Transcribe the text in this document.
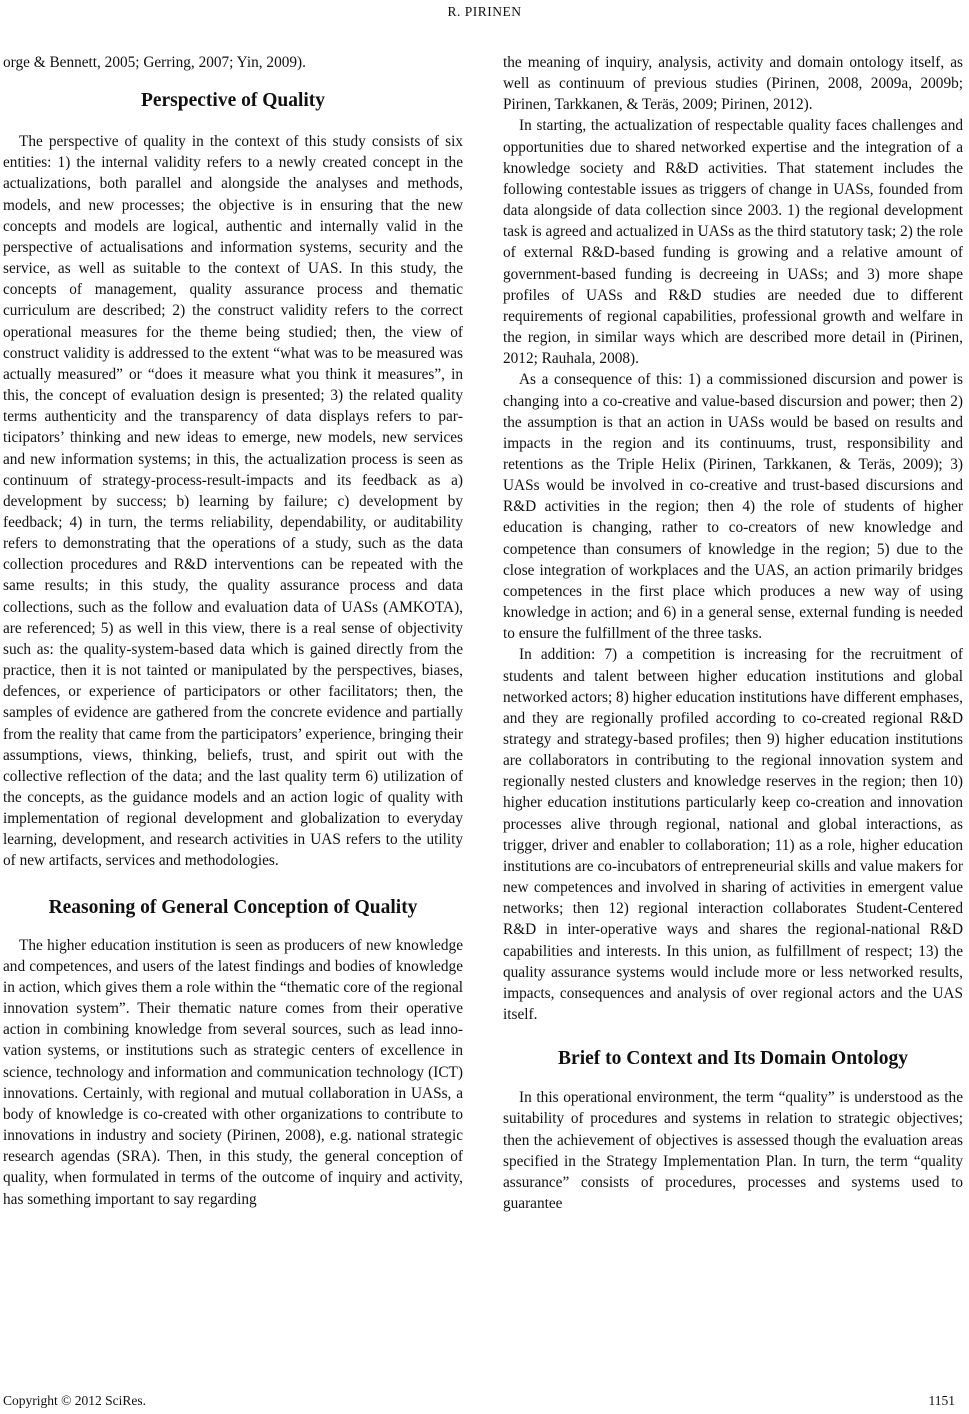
R. PIRINEN

orge & Bennett, 2005; Gerring, 2007; Yin, 2009).

Perspective of Quality

The perspective of quality in the context of this study consists of six entities: 1) the internal validity refers to a newly created concept in the actualizations, both parallel and alongside the analyses and methods, models, and new processes; the objective is in ensuring that the new concepts and models are logical, authentic and internally valid in the perspective of actualisations and information systems, security and the service, as well as suitable to the context of UAS. In this study, the concepts of management, quality assurance process and thematic curriculum are described; 2) the construct validity refers to the correct operational measures for the theme being studied; then, the view of construct validity is addressed to the extent “what was to be measured was actually measured” or “does it measure what you think it measures”, in this, the concept of evaluation design is presented; 3) the related quality terms authenticity and the transparency of data displays refers to participators’ thinking and new ideas to emerge, new models, new services and new information systems; in this, the actualization process is seen as continuum of strategy-process-result-impacts and its feedback as a) development by success; b) learning by failure; c) development by feedback; 4) in turn, the terms reliability, dependability, or auditability refers to demonstrating that the operations of a study, such as the data collection procedures and R&D interventions can be repeated with the same results; in this study, the quality assurance process and data collections, such as the follow and evaluation data of UASs (AMKOTA), are referenced; 5) as well in this view, there is a real sense of objectivity such as: the quality-system-based data which is gained directly from the practice, then it is not tainted or manipulated by the perspectives, biases, defences, or experience of participators or other facilitators; then, the samples of evidence are gathered from the concrete evidence and partially from the reality that came from the participators’ experience, bringing their assumptions, views, thinking, beliefs, trust, and spirit out with the collective reflection of the data; and the last quality term 6) utilization of the concepts, as the guidance models and an action logic of quality with implementation of regional development and globalization to everyday learning, development, and research activities in UAS refers to the utility of new artifacts, services and methodologies.

Reasoning of General Conception of Quality

The higher education institution is seen as producers of new knowledge and competences, and users of the latest findings and bodies of knowledge in action, which gives them a role within the “thematic core of the regional innovation system”. Their thematic nature comes from their operative action in combining knowledge from several sources, such as lead innovation systems, or institutions such as strategic centers of excellence in science, technology and information and communication technology (ICT) innovations. Certainly, with regional and mutual collaboration in UASs, a body of knowledge is co-created with other organizations to contribute to innovations in industry and society (Pirinen, 2008), e.g. national strategic research agendas (SRA). Then, in this study, the general conception of quality, when formulated in terms of the outcome of inquiry and activity, has something important to say regarding

the meaning of inquiry, analysis, activity and domain ontology itself, as well as continuum of previous studies (Pirinen, 2008, 2009a, 2009b; Pirinen, Tarkkanen, & Teräs, 2009; Pirinen, 2012).

In starting, the actualization of respectable quality faces challenges and opportunities due to shared networked expertise and the integration of a knowledge society and R&D activities. That statement includes the following contestable issues as triggers of change in UASs, founded from data alongside of data collection since 2003. 1) the regional development task is agreed and actualized in UASs as the third statutory task; 2) the role of external R&D-based funding is growing and a relative amount of government-based funding is decreeing in UASs; and 3) more shape profiles of UASs and R&D studies are needed due to different requirements of regional capabilities, professional growth and welfare in the region, in similar ways which are described more detail in (Pirinen, 2012; Rauhala, 2008).

As a consequence of this: 1) a commissioned discursion and power is changing into a co-creative and value-based discursion and power; then 2) the assumption is that an action in UASs would be based on results and impacts in the region and its continuums, trust, responsibility and retentions as the Triple Helix (Pirinen, Tarkkanen, & Teräs, 2009); 3) UASs would be involved in co-creative and trust-based discursions and R&D activities in the region; then 4) the role of students of higher education is changing, rather to co-creators of new knowledge and competence than consumers of knowledge in the region; 5) due to the close integration of workplaces and the UAS, an action primarily bridges competences in the first place which produces a new way of using knowledge in action; and 6) in a general sense, external funding is needed to ensure the fulfillment of the three tasks.

In addition: 7) a competition is increasing for the recruitment of students and talent between higher education institutions and global networked actors; 8) higher education institutions have different emphases, and they are regionally profiled according to co-created regional R&D strategy and strategy-based profiles; then 9) higher education institutions are collaborators in contributing to the regional innovation system and regionally nested clusters and knowledge reserves in the region; then 10) higher education institutions particularly keep co-creation and innovation processes alive through regional, national and global interactions, as trigger, driver and enabler to collaboration; 11) as a role, higher education institutions are co-incubators of entrepreneurial skills and value makers for new competences and involved in sharing of activities in emergent value networks; then 12) regional interaction collaborates Student-Centered R&D in inter-operative ways and shares the regional-national R&D capabilities and interests. In this union, as fulfillment of respect; 13) the quality assurance systems would include more or less networked results, impacts, consequences and analysis of over regional actors and the UAS itself.

Brief to Context and Its Domain Ontology

In this operational environment, the term “quality” is understood as the suitability of procedures and systems in relation to strategic objectives; then the achievement of objectives is assessed though the evaluation areas specified in the Strategy Implementation Plan. In turn, the term “quality assurance” consists of procedures, processes and systems used to guarantee

Copyright © 2012 SciRes.	1151
